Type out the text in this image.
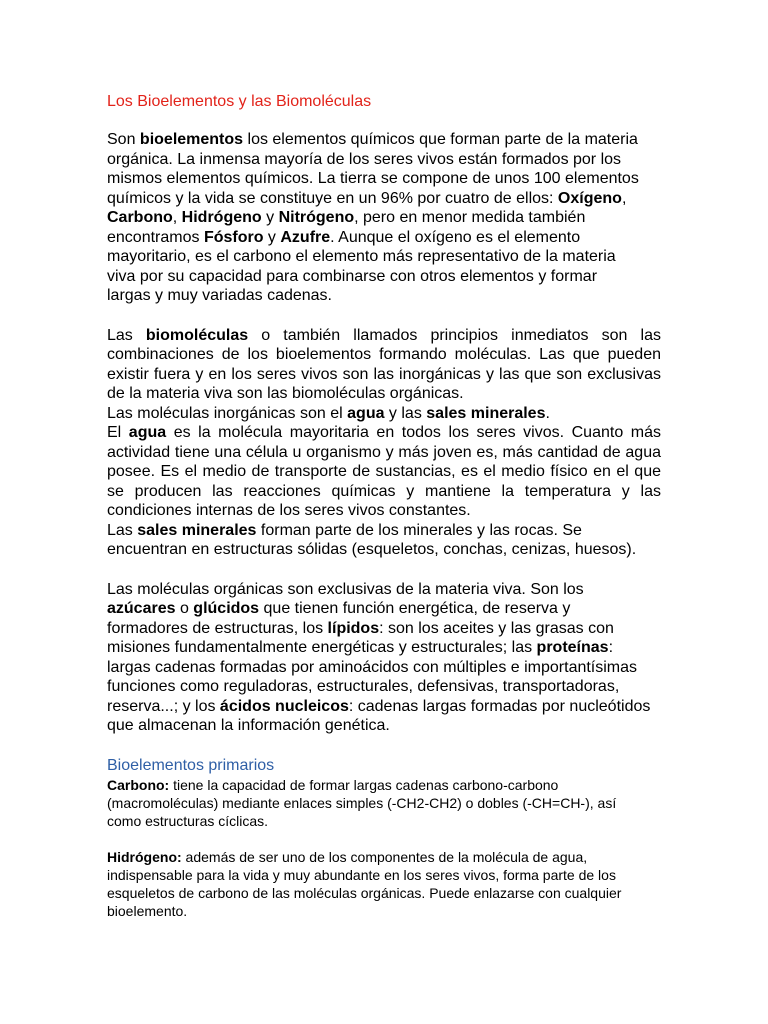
Los Bioelementos y las Biomoléculas

Son bioelementos los elementos químicos que forman parte de la materia orgánica. La inmensa mayoría de los seres vivos están formados por los mismos elementos químicos. La tierra se compone de unos 100 elementos químicos y la vida se constituye en un 96% por cuatro de ellos: Oxígeno, Carbono, Hidrógeno y Nitrógeno, pero en menor medida también encontramos Fósforo y Azufre. Aunque el oxígeno es el elemento mayoritario, es el carbono el elemento más representativo de la materia viva por su capacidad para combinarse con otros elementos y formar largas y muy variadas cadenas.

Las biomoléculas o también llamados principios inmediatos son las combinaciones de los bioelementos formando moléculas. Las que pueden existir fuera y en los seres vivos son las inorgánicas y las que son exclusivas de la materia viva son las biomoléculas orgánicas.

Las moléculas inorgánicas son el agua y las sales minerales.

El agua es la molécula mayoritaria en todos los seres vivos. Cuanto más actividad tiene una célula u organismo y más joven es, más cantidad de agua posee. Es el medio de transporte de sustancias, es el medio físico en el que se producen las reacciones químicas y mantiene la temperatura y las condiciones internas de los seres vivos constantes.

Las sales minerales forman parte de los minerales y las rocas. Se encuentran en estructuras sólidas (esqueletos, conchas, cenizas, huesos).

Las moléculas orgánicas son exclusivas de la materia viva. Son los azúcares o glúcidos que tienen función energética, de reserva y formadores de estructuras, los lípidos: son los aceites y las grasas con misiones fundamentalmente energéticas y estructurales; las proteínas: largas cadenas formadas por aminoácidos con múltiples e importantísimas funciones como reguladoras, estructurales, defensivas, transportadoras, reserva...; y los ácidos nucleicos: cadenas largas formadas por nucleótidos que almacenan la información genética.

Bioelementos primarios

Carbono: tiene la capacidad de formar largas cadenas carbono-carbono (macromoléculas) mediante enlaces simples (-CH2-CH2) o dobles (-CH=CH-), así como estructuras cíclicas.

Hidrógeno: además de ser uno de los componentes de la molécula de agua, indispensable para la vida y muy abundante en los seres vivos, forma parte de los esqueletos de carbono de las moléculas orgánicas. Puede enlazarse con cualquier bioelemento.
